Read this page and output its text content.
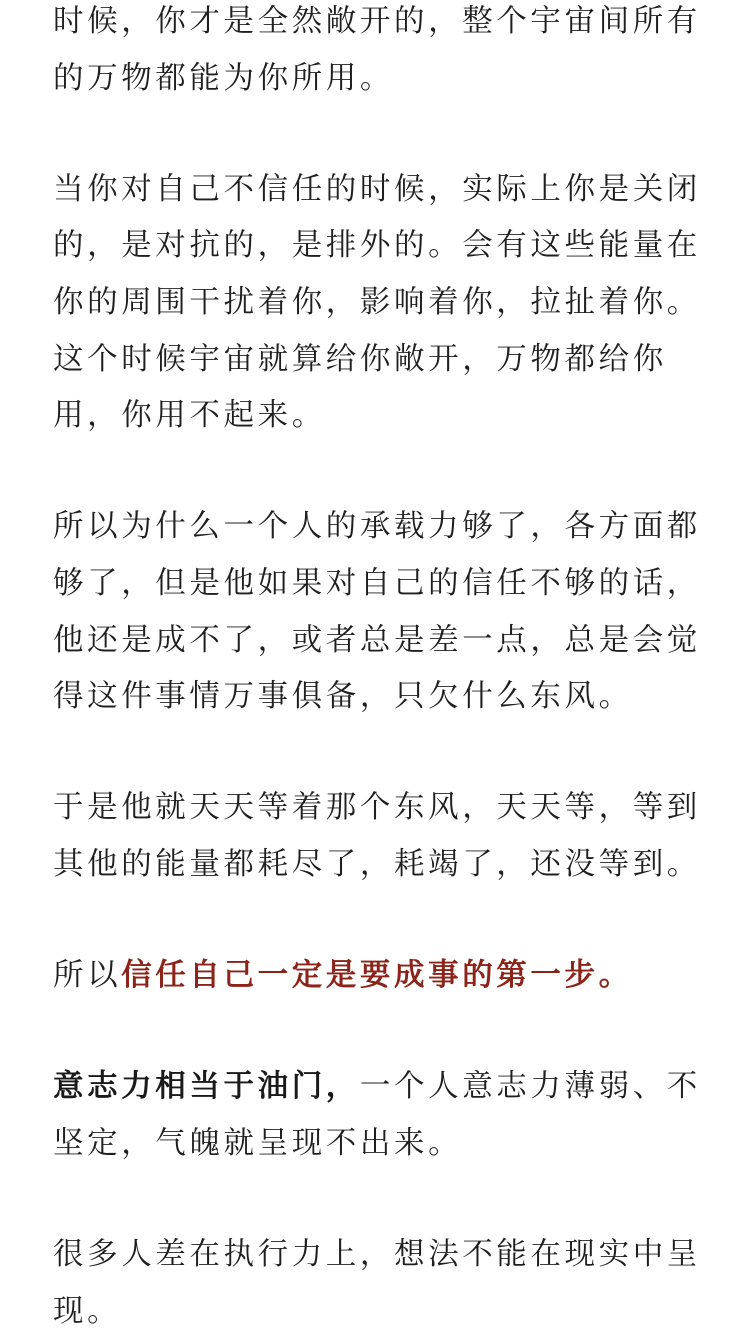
时候，你才是全然敞开的，整个宇宙间所有
的万物都能为你所用。
当你对自己不信任的时候，实际上你是关闭
的，是对抗的，是排外的。会有这些能量在
你的周围干扰着你，影响着你，拉扯着你。
这个时候宇宙就算给你敞开，万物都给你
用，你用不起来。
所以为什么一个人的承载力够了，各方面都
够了，但是他如果对自己的信任不够的话，
他还是成不了，或者总是差一点，总是会觉
得这件事情万事俱备，只欠什么东风。
于是他就天天等着那个东风，天天等，等到
其他的能量都耗尽了，耗竭了，还没等到。
所以信任自己一定是要成事的第一步。
意志力相当于油门，一个人意志力薄弱、不
坚定，气魄就呈现不出来。
很多人差在执行力上，想法不能在现实中呈
现。
